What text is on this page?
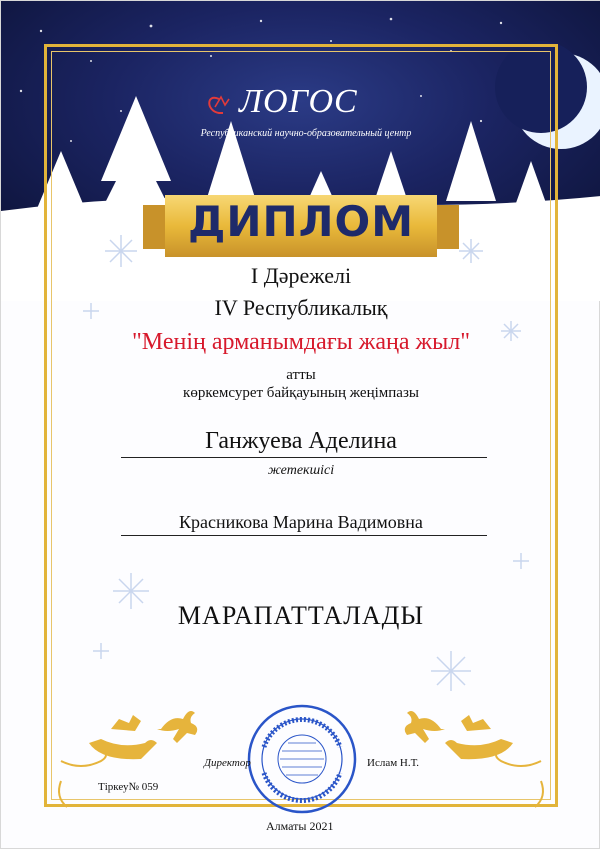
ЛОГОС
Республиканский научно-образовательный центр
ДИПЛОМ
I Дәрежелі
IV Республикалық
"Менің арманымдағы жаңа жыл"
атты
көркемсурет байқауының жеңімпазы
Ганжуева Аделина
жетекшісі
Красникова Марина Вадимовна
МАРАПАТТАЛАДЫ
Директор	Ислам Н.Т.
Тіркеу№ 059
Алматы 2021
